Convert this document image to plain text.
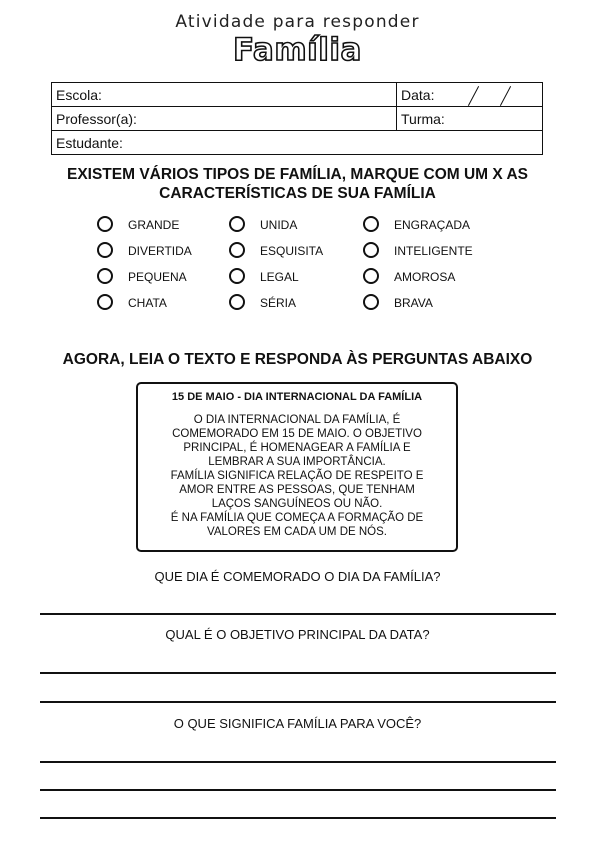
Atividade para responder
Família
Escola:	Data:

Professor(a):	Turma:
Estudante:	
EXISTEM VÁRIOS TIPOS DE FAMÍLIA, MARQUE COM UM X AS
CARACTERÍSTICAS DE SUA FAMÍLIA
GRANDE	UNIDA	ENGRAÇADA
DIVERTIDA	ESQUISITA	INTELIGENTE
PEQUENA	LEGAL	AMOROSA
CHATA	SÉRIA	BRAVA
AGORA, LEIA O TEXTO E RESPONDA ÀS PERGUNTAS ABAIXO
15 DE MAIO - DIA INTERNACIONAL DA FAMÍLIA
O DIA INTERNACIONAL DA FAMÍLIA, É
COMEMORADO EM 15 DE MAIO. O OBJETIVO
PRINCIPAL, É HOMENAGEAR A FAMÍLIA E
LEMBRAR A SUA IMPORTÂNCIA.
FAMÍLIA SIGNIFICA RELAÇÃO DE RESPEITO E
AMOR ENTRE AS PESSOAS, QUE TENHAM
LAÇOS SANGUÍNEOS OU NÃO.
É NA FAMÍLIA QUE COMEÇA A FORMAÇÃO DE
VALORES EM CADA UM DE NÓS.
QUE DIA É COMEMORADO O DIA DA FAMÍLIA?
QUAL É O OBJETIVO PRINCIPAL DA DATA?
O QUE SIGNIFICA FAMÍLIA PARA VOCÊ?
